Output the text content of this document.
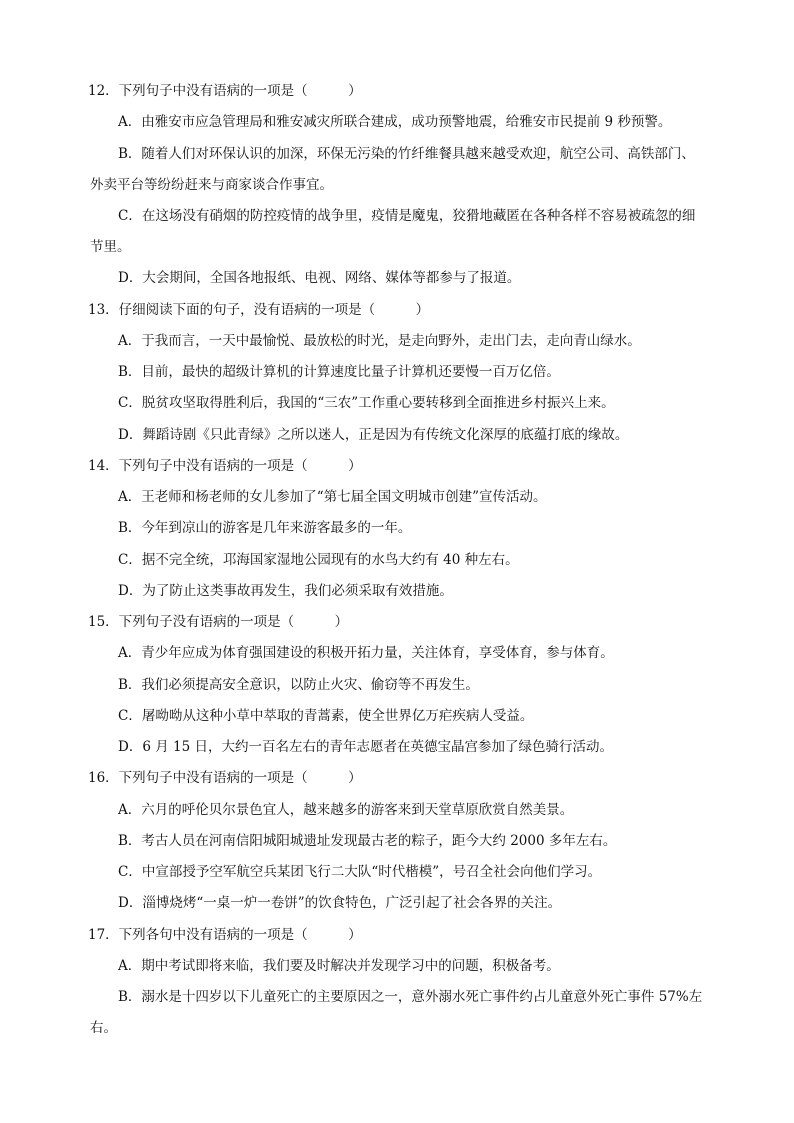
12．下列句子中没有语病的一项是（　　　）
A．由雅安市应急管理局和雅安减灾所联合建成，成功预警地震，给雅安市民提前 9 秒预警。
B．随着人们对环保认识的加深，环保无污染的竹纤维餐具越来越受欢迎，航空公司、高铁部门、
外卖平台等纷纷赶来与商家谈合作事宜。
C．在这场没有硝烟的防控疫情的战争里，疫情是魔鬼，狡猾地藏匿在各种各样不容易被疏忽的细
节里。
D．大会期间，全国各地报纸、电视、网络、媒体等都参与了报道。
13．仔细阅读下面的句子，没有语病的一项是（　　　）
A．于我而言，一天中最愉悦、最放松的时光，是走向野外，走出门去，走向青山绿水。
B．目前，最快的超级计算机的计算速度比量子计算机还要慢一百万亿倍。
C．脱贫攻坚取得胜利后，我国的“三农”工作重心要转移到全面推进乡村振兴上来。
D．舞蹈诗剧《只此青绿》之所以迷人，正是因为有传统文化深厚的底蕴打底的缘故。
14．下列句子中没有语病的一项是（　　　）
A．王老师和杨老师的女儿参加了“第七届全国文明城市创建”宣传活动。
B．今年到凉山的游客是几年来游客最多的一年。
C．据不完全统，邛海国家湿地公园现有的水鸟大约有 40 种左右。
D．为了防止这类事故再发生，我们必须采取有效措施。
15．下列句子没有语病的一项是（　　　）
A．青少年应成为体育强国建设的积极开拓力量，关注体育，享受体育，参与体育。
B．我们必须提高安全意识，以防止火灾、偷窃等不再发生。
C．屠呦呦从这种小草中萃取的青蒿素，使全世界亿万疟疾病人受益。
D．6 月 15 日，大约一百名左右的青年志愿者在英德宝晶宫参加了绿色骑行活动。
16．下列句子中没有语病的一项是（　　　）
A．六月的呼伦贝尔景色宜人，越来越多的游客来到天堂草原欣赏自然美景。
B．考古人员在河南信阳城阳城遗址发现最古老的粽子，距今大约 2000 多年左右。
C．中宣部授予空军航空兵某团飞行二大队“时代楷模”，号召全社会向他们学习。
D．淄博烧烤“一桌一炉一卷饼”的饮食特色，广泛引起了社会各界的关注。
17．下列各句中没有语病的一项是（　　　）
A．期中考试即将来临，我们要及时解决并发现学习中的问题，积极备考。
B．溺水是十四岁以下儿童死亡的主要原因之一，意外溺水死亡事件约占儿童意外死亡事件 57%左
右。
